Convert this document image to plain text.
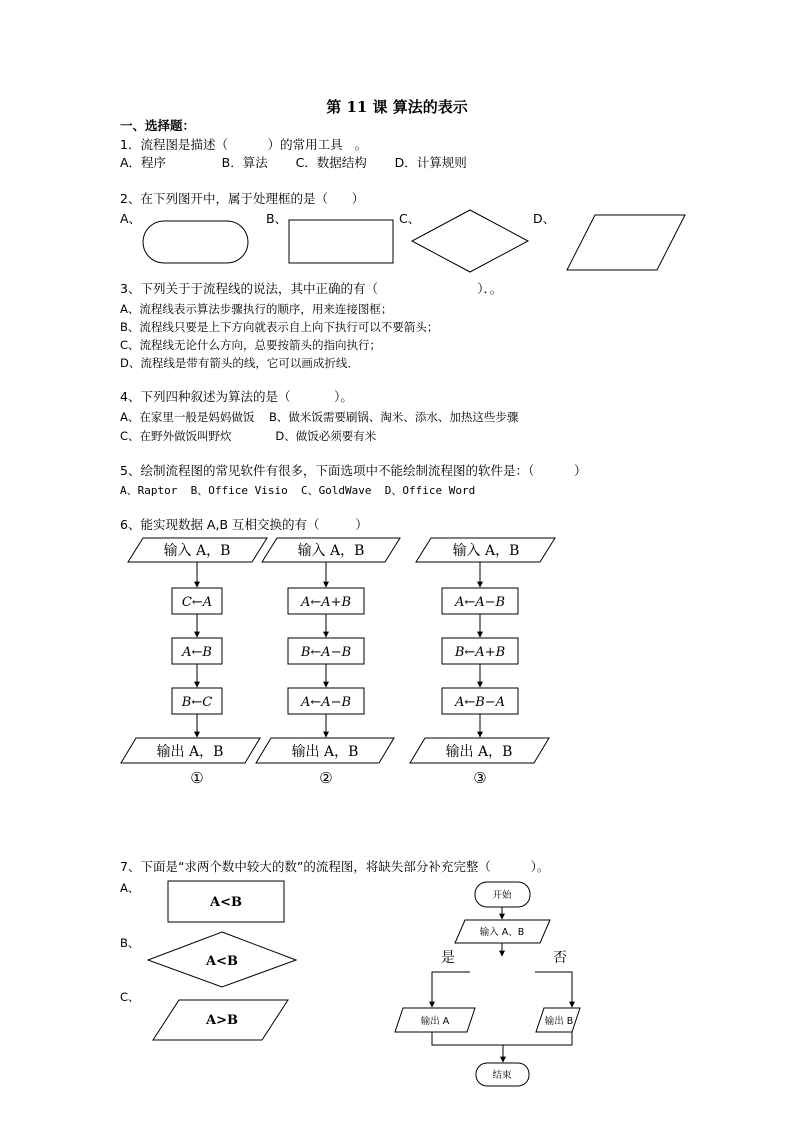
第 11 课 算法的表示
一、选择题：
1．流程图是描述（          ）的常用工具   。
A．程序              B．算法       C．数据结构       D．计算规则
2、在下列图开中，属于处理框的是（      ）
A、	B、	C、	D、
3、下列关于于流程线的说法，其中正确的有（                         ）．。
A、流程线表示算法步骤执行的顺序，用来连接图框；
B、流程线只要是上下方向就表示自上向下执行可以不要箭头；
C、流程线无论什么方向，总要按箭头的指向执行；
D、流程线是带有箭头的线，它可以画成折线．
4、下列四种叙述为算法的是（           ）。
A、在家里一般是妈妈做饭    B、做米饭需要刷锅、淘米、添水、加热这些步骤
C、在野外做饭叫野炊            D、做饭必须要有米
5、绘制流程图的常见软件有很多，下面选项中不能绘制流程图的软件是：（          ）
A、Raptor  B、Office Visio  C、GoldWave  D、Office Word
6、能实现数据 A,B 互相交换的有（         ）
输入 A，B
C←A
A←B
B←C
输出 A，B
①
输入 A，B
A←A+B
B←A−B
A←A−B
输出 A，B
②
输入 A，B
A←A−B
B←A+B
A←B−A
输出 A，B
③
7、下面是“求两个数中较大的数”的流程图，将缺失部分补充完整（          ）。
A、
B、
C、
A<B
A<B
A>B
开始
输入 A、B
是	否
输出 A	输出 B
结束
